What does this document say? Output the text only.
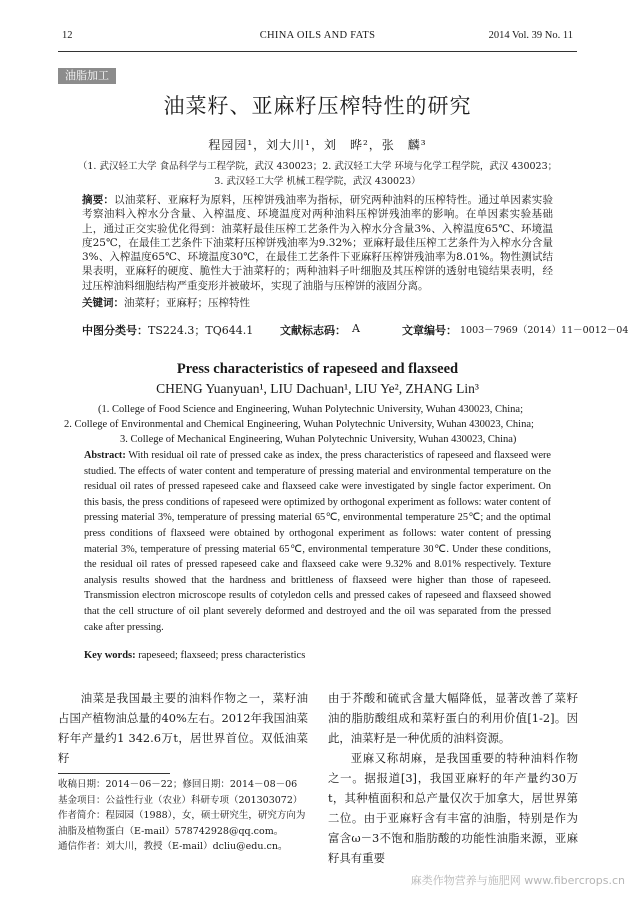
12	CHINA OILS AND FATS	2014 Vol. 39 No. 11
油脂加工
油菜籽、亚麻籽压榨特性的研究
程园园¹，刘大川¹，刘　晔²，张　麟³
（1. 武汉轻工大学 食品科学与工程学院，武汉 430023；2. 武汉轻工大学 环境与化学工程学院，武汉 430023；
3. 武汉轻工大学 机械工程学院，武汉 430023）
摘要：以油菜籽、亚麻籽为原料，压榨饼残油率为指标，研究两种油料的压榨特性。通过单因素实验考察油料入榨水分含量、入榨温度、环境温度对两种油料压榨饼残油率的影响。在单因素实验基础上，通过正交实验优化得到：油菜籽最佳压榨工艺条件为入榨水分含量3%、入榨温度65℃、环境温度25℃，在最佳工艺条件下油菜籽压榨饼残油率为9.32%；亚麻籽最佳压榨工艺条件为入榨水分含量3%、入榨温度65℃、环境温度30℃，在最佳工艺条件下亚麻籽压榨饼残油率为8.01%。物性测试结果表明，亚麻籽的硬度、脆性大于油菜籽的；两种油料子叶细胞及其压榨饼的透射电镜结果表明，经过压榨油料细胞结构严重变形并被破坏，实现了油脂与压榨饼的液固分离。
关键词：油菜籽；亚麻籽；压榨特性
中图分类号： TS224.3；TQ644.1 文献标志码： A	文章编号： 1003－7969（2014）11－0012－04
Press characteristics of rapeseed and flaxseed
CHENG Yuanyuan¹, LIU Dachuan¹, LIU Ye², ZHANG Lin³
(1. College of Food Science and Engineering, Wuhan Polytechnic University, Wuhan 430023, China;
2. College of Environmental and Chemical Engineering, Wuhan Polytechnic University, Wuhan 430023, China;
3. College of Mechanical Engineering, Wuhan Polytechnic University, Wuhan 430023, China)
Abstract: With residual oil rate of pressed cake as index, the press characteristics of rapeseed and flaxseed were studied. The effects of water content and temperature of pressing material and environmental temperature on the residual oil rates of pressed rapeseed cake and flaxseed cake were investigated by single factor experiment. On this basis, the press conditions of rapeseed were optimized by orthogonal experiment as follows: water content of pressing material 3%, temperature of pressing material 65℃, environmental temperature 25℃; and the optimal press conditions of flaxseed were obtained by orthogonal experiment as follows: water content of pressing material 3%, temperature of pressing material 65℃, environmental temperature 30℃. Under these conditions, the residual oil rates of pressed rapeseed cake and flaxseed cake were 9.32% and 8.01% respectively. Texture analysis results showed that the hardness and brittleness of flaxseed were higher than those of rapeseed. Transmission electron microscope results of cotyledon cells and pressed cakes of rapeseed and flaxseed showed that the cell structure of oil plant severely deformed and destroyed and the oil was separated from the pressed cake after pressing.
Key words: rapeseed; flaxseed; press characteristics
油菜是我国最主要的油料作物之一，菜籽油占国产植物油总量的40%左右。2012年我国油菜籽年产量约1 342.6万t，居世界首位。双低油菜籽
收稿日期：2014－06－22；修回日期：2014－08－06
基金项目：公益性行业（农业）科研专项（201303072）
作者简介：程园园（1988），女，硕士研究生，研究方向为油脂及植物蛋白（E-mail）578742928@qq.com。
通信作者：刘大川，教授（E-mail）dcliu@edu.cn。
由于芥酸和硫甙含量大幅降低，显著改善了菜籽油的脂肪酸组成和菜籽蛋白的利用价值[1-2]。因此，油菜籽是一种优质的油料资源。
亚麻又称胡麻，是我国重要的特种油料作物之一。据报道[3]，我国亚麻籽的年产量约30万t，其种植面积和总产量仅次于加拿大，居世界第二位。由于亚麻籽含有丰富的油脂，特别是作为富含ω－3不饱和脂肪酸的功能性油脂来源，亚麻籽具有重要
麻类作物营养与施肥网 www.fibercrops.cn
